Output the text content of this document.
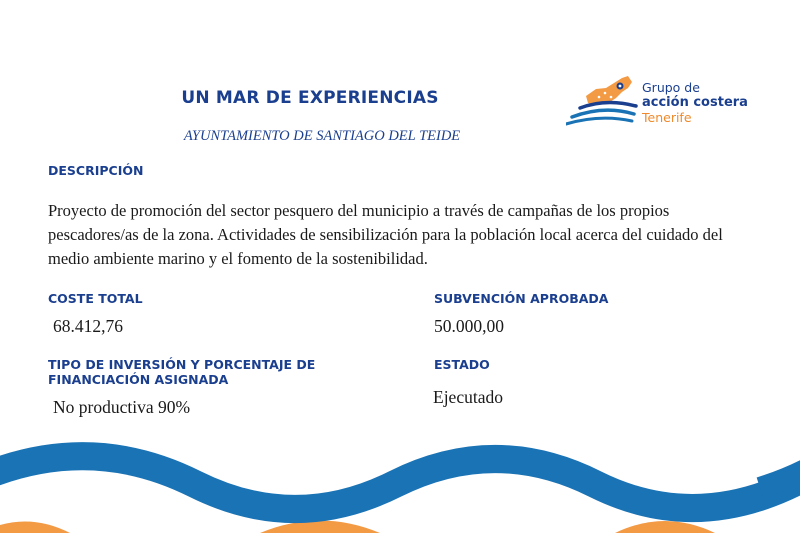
UN MAR DE EXPERIENCIAS
AYUNTAMIENTO DE SANTIAGO DEL TEIDE
Grupo de
acción costera
Tenerife
DESCRIPCIÓN

Proyecto de promoción del sector pesquero del municipio a través de campañas de los propios pescadores/as de la zona. Actividades de sensibilización para la población local acerca del cuidado del medio ambiente marino y el fomento de la sostenibilidad.

COSTE TOTAL
68.412,76
SUBVENCIÓN APROBADA
50.000,00
TIPO DE INVERSIÓN Y PORCENTAJE DE FINANCIACIÓN ASIGNADA
No productiva 90%
ESTADO
Ejecutado
